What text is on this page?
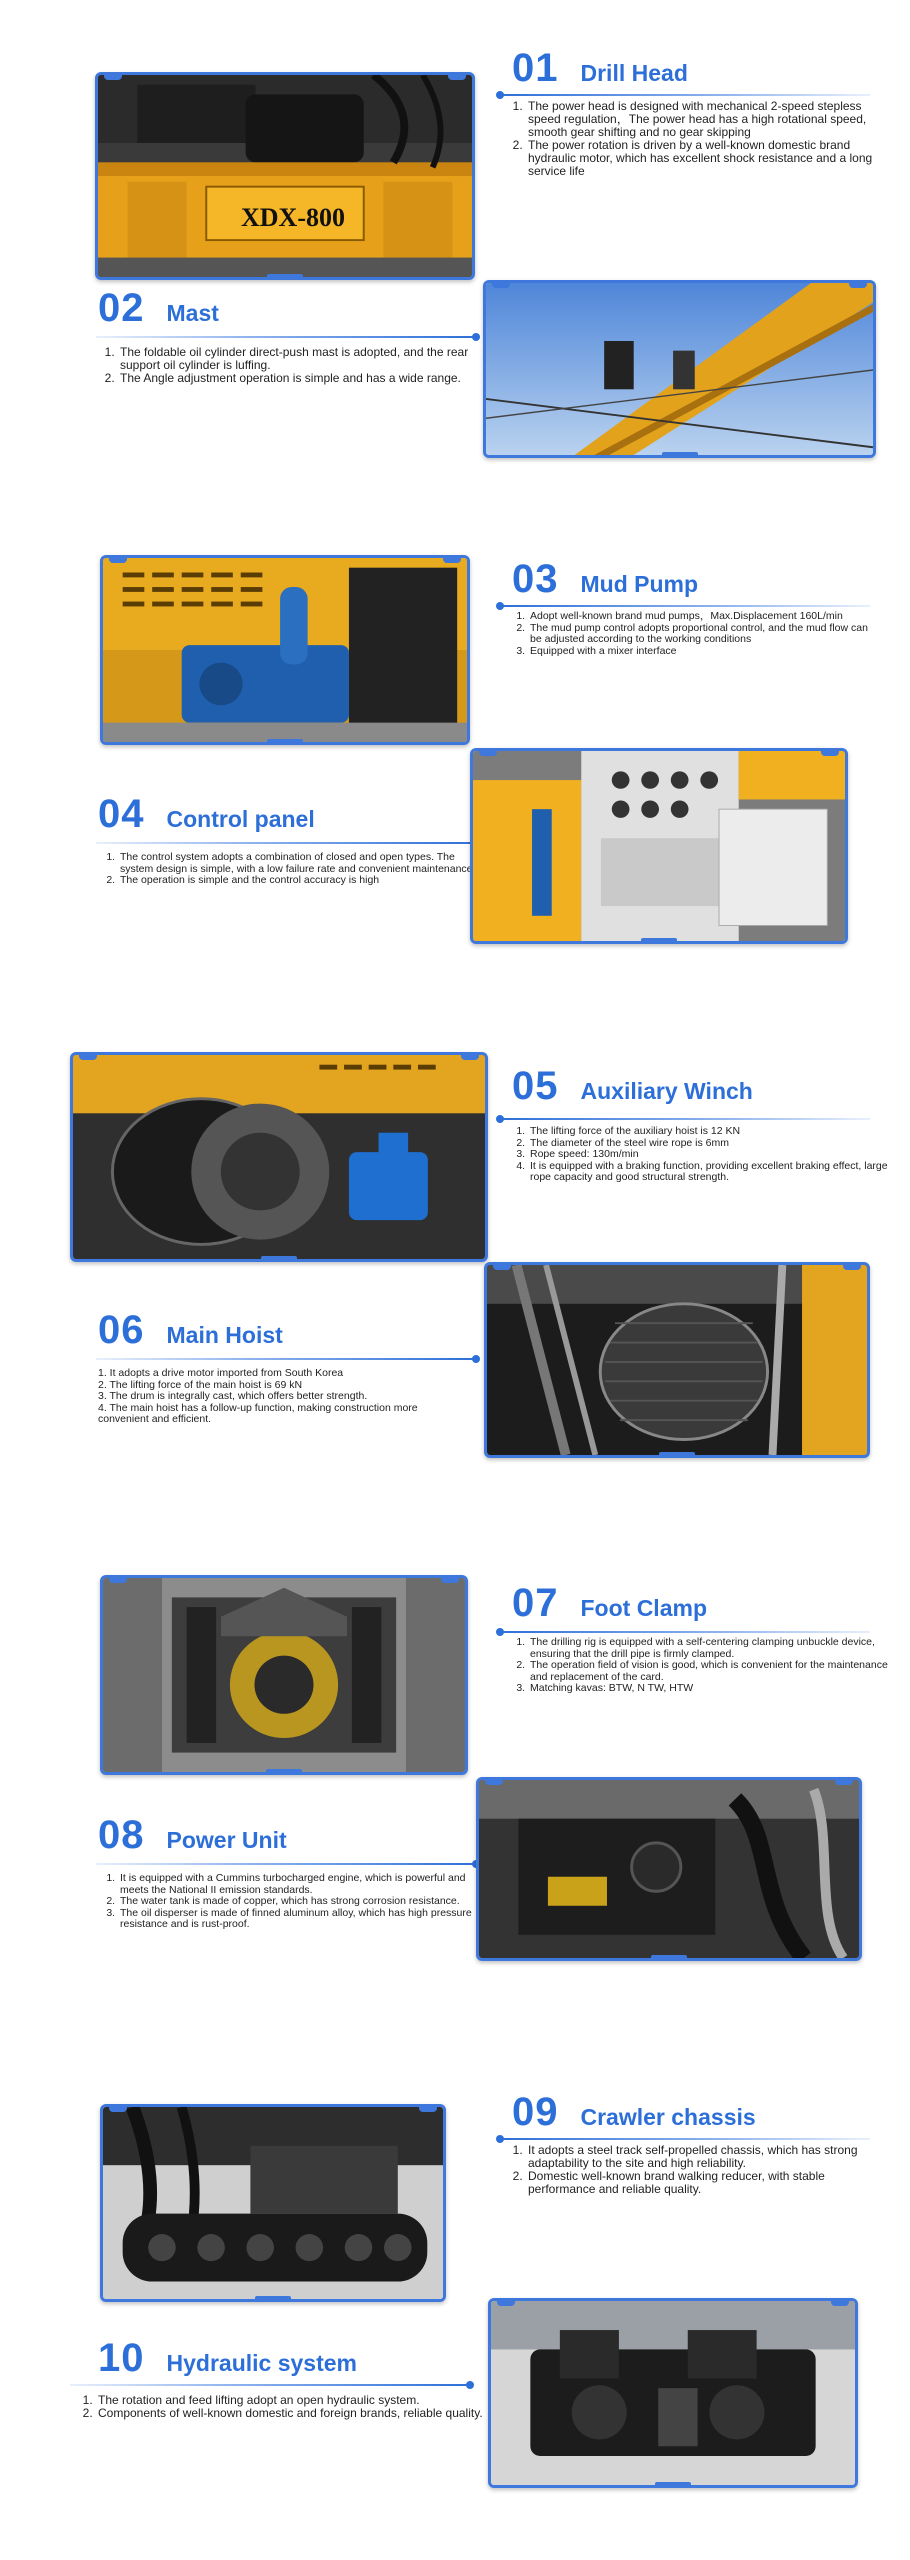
XDX-800
01 Drill Head
1. The power head is designed with mechanical 2-speed stepless speed regulation，The power head has a high rotational speed, smooth gear shifting and no gear skipping
2. The power rotation is driven by a well-known domestic brand hydraulic motor, which has excellent shock resistance and a long service life
02 Mast
1. The foldable oil cylinder direct-push mast is adopted, and the rear support oil cylinder is luffing.
2. The Angle adjustment operation is simple and has a wide range.
03 Mud Pump
1. Adopt well-known brand mud pumps，Max.Displacement 160L/min
2. The mud pump control adopts proportional control, and the mud flow can be adjusted according to the working conditions
3. Equipped with a mixer interface
04 Control panel
1. The control system adopts a combination of closed and open types. The system design is simple, with a low failure rate and convenient maintenance
2. The operation is simple and the control accuracy is high
05 Auxiliary Winch
1. The lifting force of the auxiliary hoist is 12 KN
2. The diameter of the steel wire rope is 6mm
3. Rope speed: 130m/min
4. It is equipped with a braking function, providing excellent braking effect, large rope capacity and good structural strength.
06 Main Hoist
1. It adopts a drive motor imported from South Korea
2. The lifting force of the main hoist is 69 kN
3. The drum is integrally cast, which offers better strength.
4. The main hoist has a follow-up function, making construction more convenient and efficient.
07 Foot Clamp
1. The drilling rig is equipped with a self-centering clamping unbuckle device, ensuring that the drill pipe is firmly clamped.
2. The operation field of vision is good, which is convenient for the maintenance and replacement of the card.
3. Matching kavas: BTW, N TW, HTW
08 Power Unit
1. It is equipped with a Cummins turbocharged engine, which is powerful and meets the National II emission standards.
2. The water tank is made of copper, which has strong corrosion resistance.
3. The oil disperser is made of finned aluminum alloy, which has high pressure resistance and is rust-proof.
09 Crawler chassis
1. It adopts a steel track self-propelled chassis, which has strong adaptability to the site and high reliability.
2. Domestic well-known brand walking reducer, with stable performance and reliable quality.
10 Hydraulic system
1. The rotation and feed lifting adopt an open hydraulic system.
2. Components of well-known domestic and foreign brands, reliable quality.
